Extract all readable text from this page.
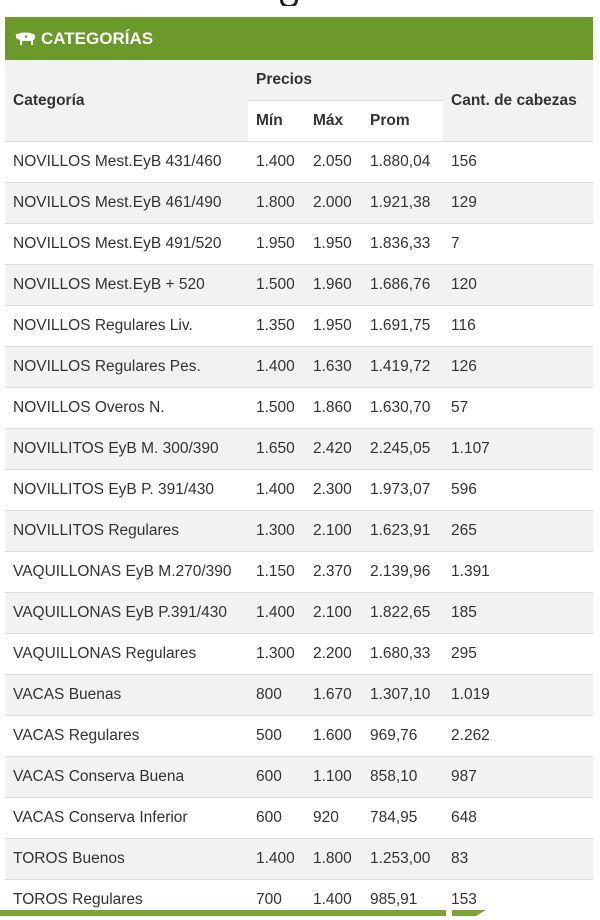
CATEGORÍAS
Categoría	Precios			Cant. de cabezas
	Mín	Máx	Prom	
NOVILLOS Mest.EyB 431/460	1.400	2.050	1.880,04	156
NOVILLOS Mest.EyB 461/490	1.800	2.000	1.921,38	129
NOVILLOS Mest.EyB 491/520	1.950	1.950	1.836,33	7
NOVILLOS Mest.EyB + 520	1.500	1.960	1.686,76	120
NOVILLOS Regulares Liv.	1.350	1.950	1.691,75	116
NOVILLOS Regulares Pes.	1.400	1.630	1.419,72	126
NOVILLOS Overos N.	1.500	1.860	1.630,70	57
NOVILLITOS EyB M. 300/390	1.650	2.420	2.245,05	1.107
NOVILLITOS EyB P. 391/430	1.400	2.300	1.973,07	596
NOVILLITOS Regulares	1.300	2.100	1.623,91	265
VAQUILLONAS EyB M.270/390	1.150	2.370	2.139,96	1.391
VAQUILLONAS EyB P.391/430	1.400	2.100	1.822,65	185
VAQUILLONAS Regulares	1.300	2.200	1.680,33	295
VACAS Buenas	800	1.670	1.307,10	1.019
VACAS Regulares	500	1.600	969,76	2.262
VACAS Conserva Buena	600	1.100	858,10	987
VACAS Conserva Inferior	600	920	784,95	648
TOROS Buenos	1.400	1.800	1.253,00	83
TOROS Regulares	700	1.400	985,91	153
